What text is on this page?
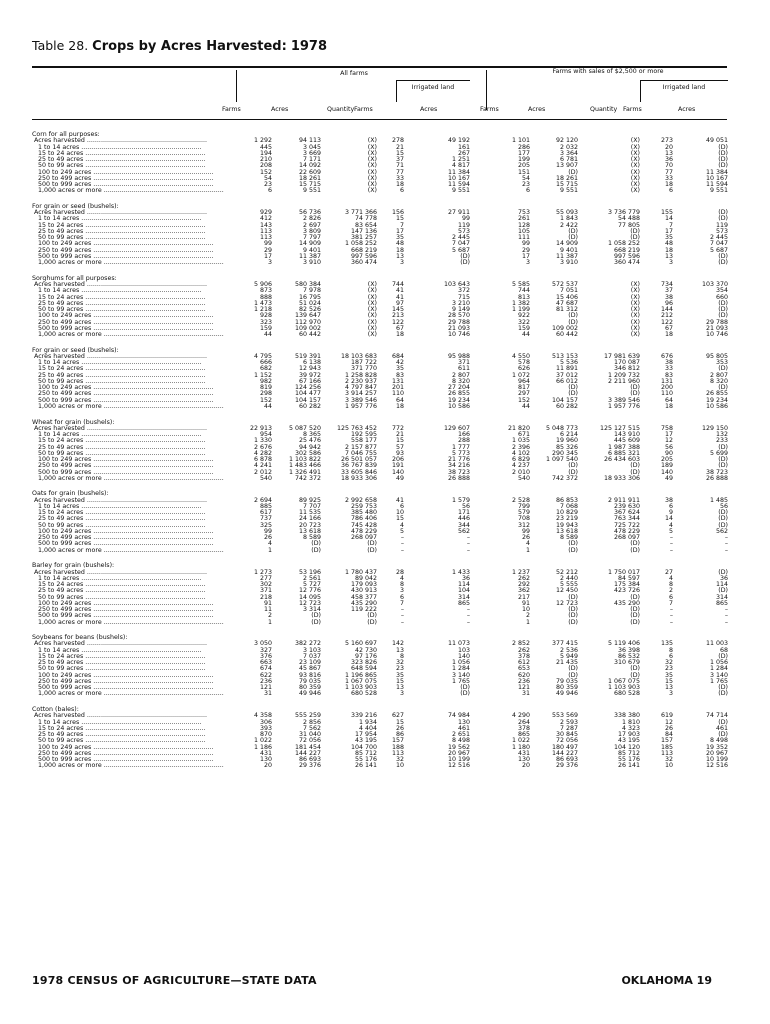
Table 28. Crops by Acres Harvested: 1978
All farms	Farms with sales of $2,500 or more
Irrigated land	Irrigated land
Farms	Acres	Quantity Farms	Acres	Farms	Acres	Quantity Farms	Acres
Corn for all purposes:
Acres harvested ............................................................	1 292	94 113	(X)	278	49 192	1 101	92 120	(X)	273	49 051
1 to 14 acres ............................................................	445	3 045	(X)	21	161	286	2 032	(X)	20	(D)
15 to 24 acres ............................................................	194	3 669	(X)	15	267	177	3 364	(X)	13	(D)
25 to 49 acres ............................................................	210	7 171	(X)	37	1 251	199	6 781	(X)	36	(D)
50 to 99 acres ............................................................	208	14 092	(X)	71	4 817	205	13 907	(X)	70	(D)
100 to 249 acres ............................................................	152	22 609	(X)	77	11 384	151	(D)	(X)	77	11 384
250 to 499 acres ............................................................	54	18 261	(X)	33	10 167	54	18 261	(X)	33	10 167
500 to 999 acres ............................................................	23	15 715	(X)	18	11 594	23	15 715	(X)	18	11 594
1,000 acres or more ............................................................	6	9 551	(X)	6	9 551	6	9 551	(X)	6	9 551
For grain or seed (bushels):
Acres harvested ............................................................	929	56 736	3 771 366	156	27 911	753	55 093	3 736 779	155	(D)
1 to 14 acres ............................................................	412	2 826	74 778	15	99	261	1 843	54 488	14	(D)
15 to 24 acres ............................................................	143	2 697	83 654	7	119	128	2 422	77 805	7	119
25 to 49 acres ............................................................	113	3 809	147 136	17	573	105	(D)	(D)	17	573
50 to 99 acres ............................................................	113	7 797	381 257	35	2 445	111	(D)	(D)	35	2 445
100 to 249 acres ............................................................	99	14 909	1 058 252	48	7 047	99	14 909	1 058 252	48	7 047
250 to 499 acres ............................................................	29	9 401	668 219	18	5 687	29	9 401	668 219	18	5 687
500 to 999 acres ............................................................	17	11 387	997 596	13	(D)	17	11 387	997 596	13	(D)
1,000 acres or more ............................................................	3	3 910	360 474	3	(D)	3	3 910	360 474	3	(D)
Sorghums for all purposes:
Acres harvested ............................................................	5 906	580 384	(X)	744	103 643	5 585	572 537	(X)	734	103 370
1 to 14 acres ............................................................	873	7 978	(X)	41	372	744	7 051	(X)	37	354
15 to 24 acres ............................................................	888	16 795	(X)	41	715	813	15 406	(X)	38	660
25 to 49 acres ............................................................	1 473	51 024	(X)	97	3 210	1 382	47 687	(X)	96	(D)
50 to 99 acres ............................................................	1 218	82 526	(X)	145	9 149	1 199	81 312	(X)	144	(D)
100 to 249 acres ............................................................	928	139 647	(X)	213	28 570	922	(D)	(X)	212	(D)
250 to 499 acres ............................................................	323	112 970	(X)	122	29 788	322	(D)	(X)	122	29 788
500 to 999 acres ............................................................	159	109 002	(X)	67	21 093	159	109 002	(X)	67	21 093
1,000 acres or more ............................................................	44	60 442	(X)	18	10 746	44	60 442	(X)	18	10 746
For grain or seed (bushels):
Acres harvested ............................................................	4 795	519 391	18 103 683	684	95 988	4 550	513 153	17 981 639	676	95 805
1 to 14 acres ............................................................	666	6 138	187 722	42	371	578	5 536	170 087	38	353
15 to 24 acres ............................................................	682	12 943	371 770	35	611	626	11 891	346 812	33	(D)
25 to 49 acres ............................................................	1 152	39 972	1 258 828	83	2 807	1 072	37 012	1 209 732	83	2 807
50 to 99 acres ............................................................	982	67 166	2 230 937	131	8 320	964	66 012	2 211 960	131	8 320
100 to 249 acres ............................................................	819	124 256	4 797 847	201	27 204	817	(D)	(D)	200	(D)
250 to 499 acres ............................................................	298	104 477	3 914 257	110	26 855	297	(D)	(D)	110	26 855
500 to 999 acres ............................................................	152	104 157	3 389 546	64	19 234	152	104 157	3 389 546	64	19 234
1,000 acres or more ............................................................	44	60 282	1 957 776	18	10 586	44	60 282	1 957 776	18	10 586
Wheat for grain (bushels):
Acres harvested ............................................................	22 913	5 087 520	125 763 452	772	129 607	21 820	5 048 773	125 127 515	758	129 150
1 to 14 acres ............................................................	954	8 365	192 595	21	166	671	6 214	143 910	17	132
15 to 24 acres ............................................................	1 330	25 476	558 177	15	288	1 035	19 960	445 609	12	233
25 to 49 acres ............................................................	2 676	94 942	2 157 877	57	1 777	2 396	85 326	1 987 388	56	(D)
50 to 99 acres ............................................................	4 282	302 586	7 046 755	93	5 773	4 102	290 345	6 885 321	90	5 699
100 to 249 acres ............................................................	6 878	1 103 822	26 501 057	206	21 776	6 829	1 097 540	26 434 603	205	(D)
250 to 499 acres ............................................................	4 241	1 483 466	36 767 839	191	34 216	4 237	(D)	(D)	189	(D)
500 to 999 acres ............................................................	2 012	1 326 491	33 605 846	140	38 723	2 010	(D)	(D)	140	38 723
1,000 acres or more ............................................................	540	742 372	18 933 306	49	26 888	540	742 372	18 933 306	49	26 888
Oats for grain (bushels):
Acres harvested ............................................................	2 694	89 925	2 992 658	41	1 579	2 528	86 853	2 911 911	38	1 485
1 to 14 acres ............................................................	885	7 707	259 753	6	56	799	7 068	239 630	6	56
15 to 24 acres ............................................................	617	11 535	385 480	10	171	579	10 829	367 624	9	(D)
25 to 49 acres ............................................................	737	24 166	786 406	15	446	708	23 219	763 344	14	(D)
50 to 99 acres ............................................................	325	20 723	745 428	4	344	312	19 943	725 722	4	(D)
100 to 249 acres ............................................................	99	13 618	478 229	5	562	99	13 618	478 229	5	562
250 to 499 acres ............................................................	26	8 589	268 097	–	–	26	8 589	268 097	–	–
500 to 999 acres ............................................................	4	(D)	(D)	–	–	4	(D)	(D)	–	–
1,000 acres or more ............................................................	1	(D)	(D)	–	–	1	(D)	(D)	–	–
Barley for grain (bushels):
Acres harvested ............................................................	1 273	53 196	1 780 437	28	1 433	1 237	52 212	1 750 017	27	(D)
1 to 14 acres ............................................................	277	2 561	89 042	4	36	262	2 440	84 597	4	36
15 to 24 acres ............................................................	302	5 727	179 093	8	114	292	5 555	175 384	8	114
25 to 49 acres ............................................................	371	12 776	430 913	3	104	362	12 450	423 726	2	(D)
50 to 99 acres ............................................................	218	14 095	458 377	6	314	217	(D)	(D)	6	314
100 to 249 acres ............................................................	91	12 723	435 290	7	865	91	12 723	435 290	7	865
250 to 499 acres ............................................................	11	3 314	119 222	–	–	10	(D)	(D)	–	–
500 to 999 acres ............................................................	2	(D)	(D)	–	–	2	(D)	(D)	–	–
1,000 acres or more ............................................................	1	(D)	(D)	–	–	1	(D)	(D)	–	–
Soybeans for beans (bushels):
Acres harvested ............................................................	3 050	382 272	5 160 697	142	11 073	2 852	377 415	5 119 406	135	11 003
1 to 14 acres ............................................................	327	3 103	42 730	13	103	262	2 536	36 398	8	68
15 to 24 acres ............................................................	376	7 037	97 176	8	140	378	5 949	86 532	6	(D)
25 to 49 acres ............................................................	663	23 109	323 826	32	1 056	612	21 435	310 679	32	1 056
50 to 99 acres ............................................................	674	45 867	648 594	23	1 284	653	(D)	(D)	23	1 284
100 to 249 acres ............................................................	622	93 816	1 196 865	35	3 140	620	(D)	(D)	35	3 140
250 to 499 acres ............................................................	236	79 035	1 067 075	15	1 765	236	79 035	1 067 075	15	1 765
500 to 999 acres ............................................................	121	80 359	1 103 903	13	(D)	121	80 359	1 103 903	13	(D)
1,000 acres or more ............................................................	31	49 946	680 528	3	(D)	31	49 946	680 528	3	(D)
Cotton (bales):
Acres harvested ............................................................	4 358	555 259	339 216	627	74 984	4 290	553 569	338 380	619	74 714
1 to 14 acres ............................................................	306	2 856	1 934	15	130	264	2 593	1 810	12	(D)
15 to 24 acres ............................................................	393	7 562	4 404	26	461	378	7 287	4 323	26	461
25 to 49 acres ............................................................	870	31 040	17 954	86	2 651	865	30 845	17 903	84	(D)
50 to 99 acres ............................................................	1 022	72 056	43 195	157	8 498	1 022	72 056	43 195	157	8 498
100 to 249 acres ............................................................	1 186	181 454	104 700	188	19 562	1 180	180 497	104 120	185	19 352
250 to 499 acres ............................................................	431	144 227	85 712	113	20 967	431	144 227	85 712	113	20 967
500 to 999 acres ............................................................	130	86 693	55 176	32	10 199	130	86 693	55 176	32	10 199
1,000 acres or more ............................................................	20	29 376	26 141	10	12 516	20	29 376	26 141	10	12 516
1978 CENSUS OF AGRICULTURE—STATE DATA	OKLAHOMA 19
